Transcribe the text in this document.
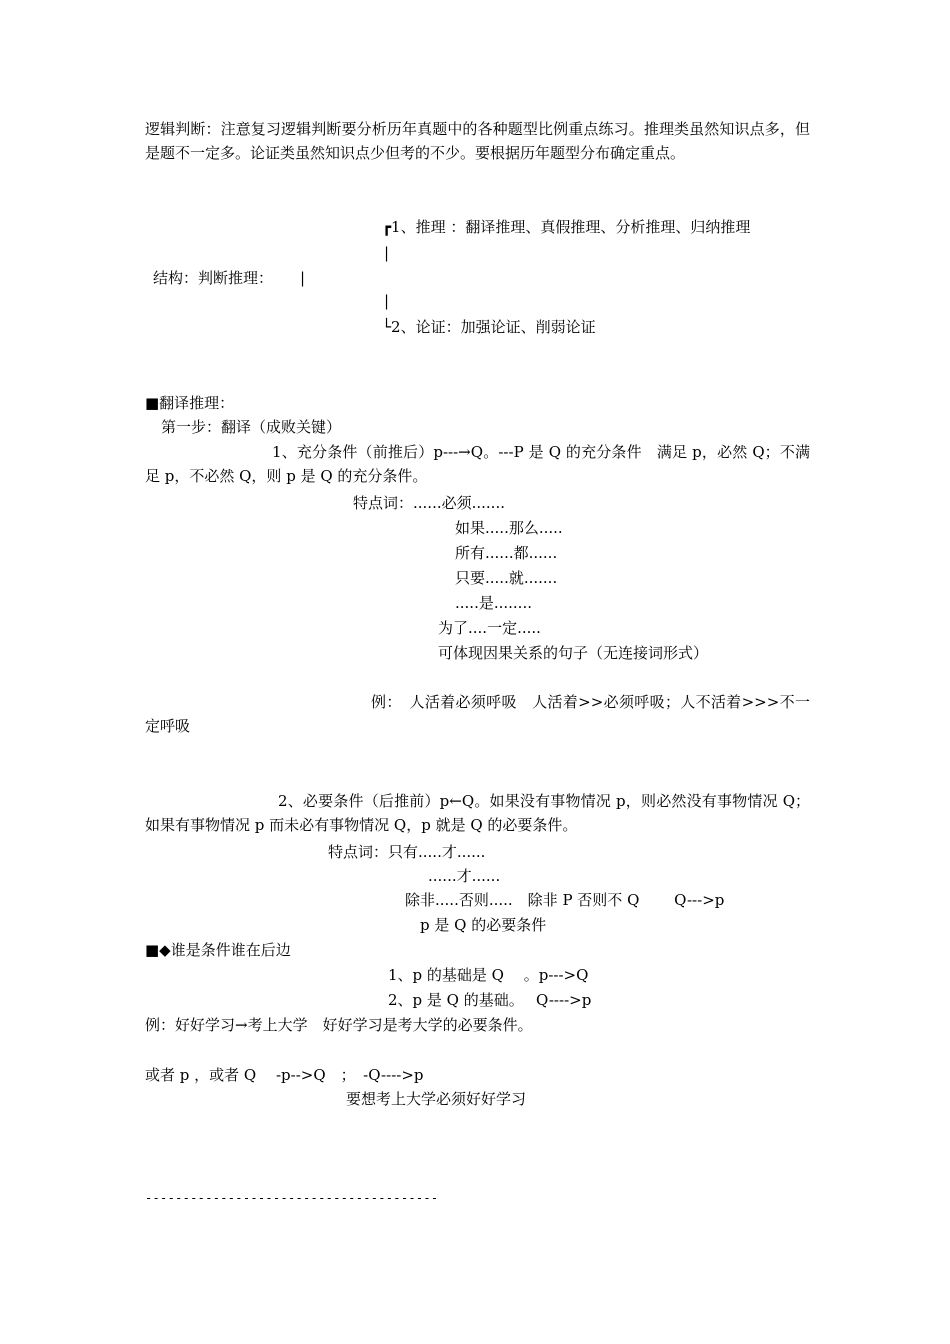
逻辑判断：注意复习逻辑判断要分析历年真题中的各种题型比例重点练习。推理类虽然知识点多，但是题不一定多。论证类虽然知识点少但考的不少。要根据历年题型分布确定重点。
┏1、推理 ：翻译推理、真假推理、分析推理、归纳推理
|
结构：判断推理： |
|
└2、论证：加强论证、削弱论证
■翻译推理：
第一步：翻译（成败关键）
1、充分条件（前推后）p---→Q。---P 是 Q 的充分条件　满足 p，必然 Q；不满足 p，不必然 Q，则 p 是 Q 的充分条件。
特点词：......必须.......
如果.....那么.....
所有......都......
只要.....就.......
.....是........
为了....一定.....
可体现因果关系的句子（无连接词形式）
例：　人活着必须呼吸　人活着>>必须呼吸；人不活着>>>不一定呼吸
2、必要条件（后推前）p←Q。如果没有事物情况 p，则必然没有事物情况 Q；如果有事物情况 p 而未必有事物情况 Q，p 就是 Q 的必要条件。
特点词：只有.....才......
......才......
除非.....否则.....　除非 P 否则不 Q　　 Q--->p
p 是 Q 的必要条件
■◆谁是条件谁在后边
1、p 的基础是 Q　 。p--->Q
2、p 是 Q 的基础。　 Q---->p
例：好好学习→考上大学　好好学习是考大学的必要条件。
或者 p ，或者 Q　 -p-->Q　；　-Q---->p
要想考上大学必须好好学习
---------------------------------------
